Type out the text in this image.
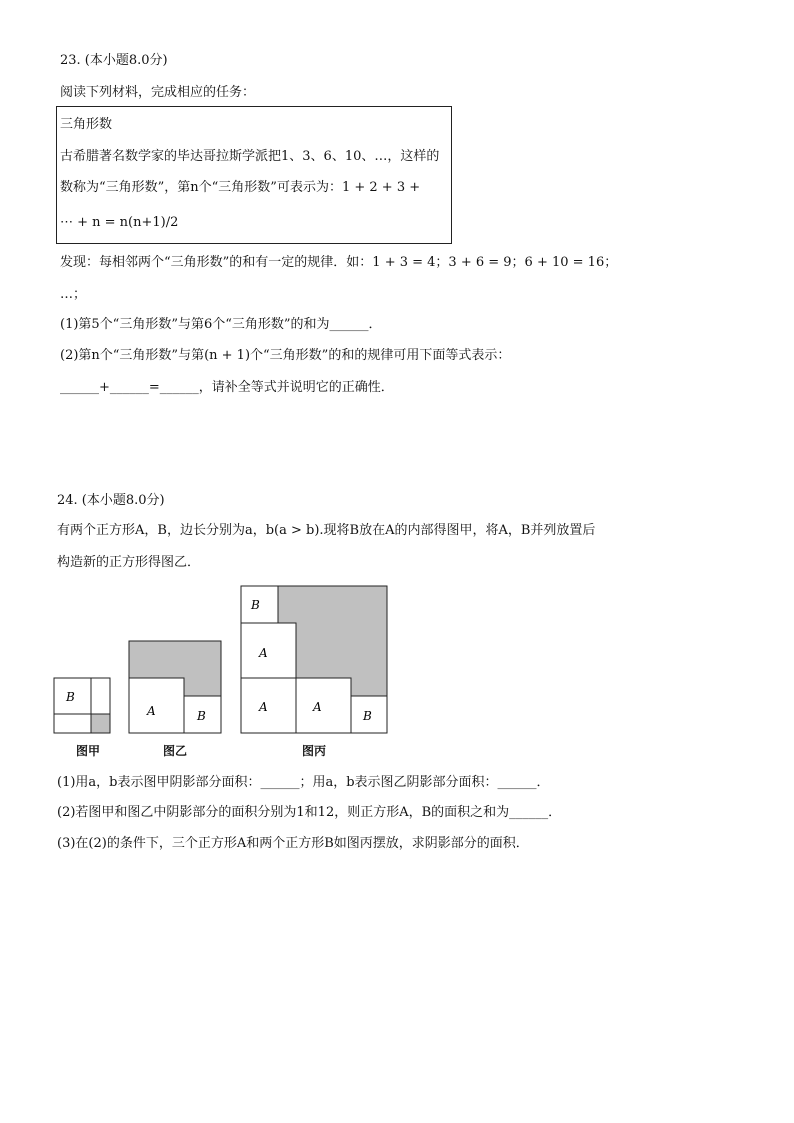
23. (本小题8.0分)
阅读下列材料，完成相应的任务：
三角形数
古希腊著名数学家的毕达哥拉斯学派把1、3、6、10、…，这样的
数称为“三角形数”，第n个“三角形数”可表示为：1 + 2 + 3 +
⋯ + n = n(n+1)/2
发现：每相邻两个“三角形数”的和有一定的规律．如：1 + 3 = 4；3 + 6 = 9；6 + 10 = 16；
…；
(1)第5个“三角形数”与第6个“三角形数”的和为______．
(2)第n个“三角形数”与第(n + 1)个“三角形数”的和的规律可用下面等式表示：
______+______=______，请补全等式并说明它的正确性．
24. (本小题8.0分)
有两个正方形A，B，边长分别为a，b(a > b).现将B放在A的内部得图甲，将A，B并列放置后
构造新的正方形得图乙．
B
A	B
B
A
A	A
B
图甲	图乙	图丙
(1)用a，b表示图甲阴影部分面积：______；用a，b表示图乙阴影部分面积：______．
(2)若图甲和图乙中阴影部分的面积分别为1和12，则正方形A，B的面积之和为______．
(3)在(2)的条件下，三个正方形A和两个正方形B如图丙摆放，求阴影部分的面积．
